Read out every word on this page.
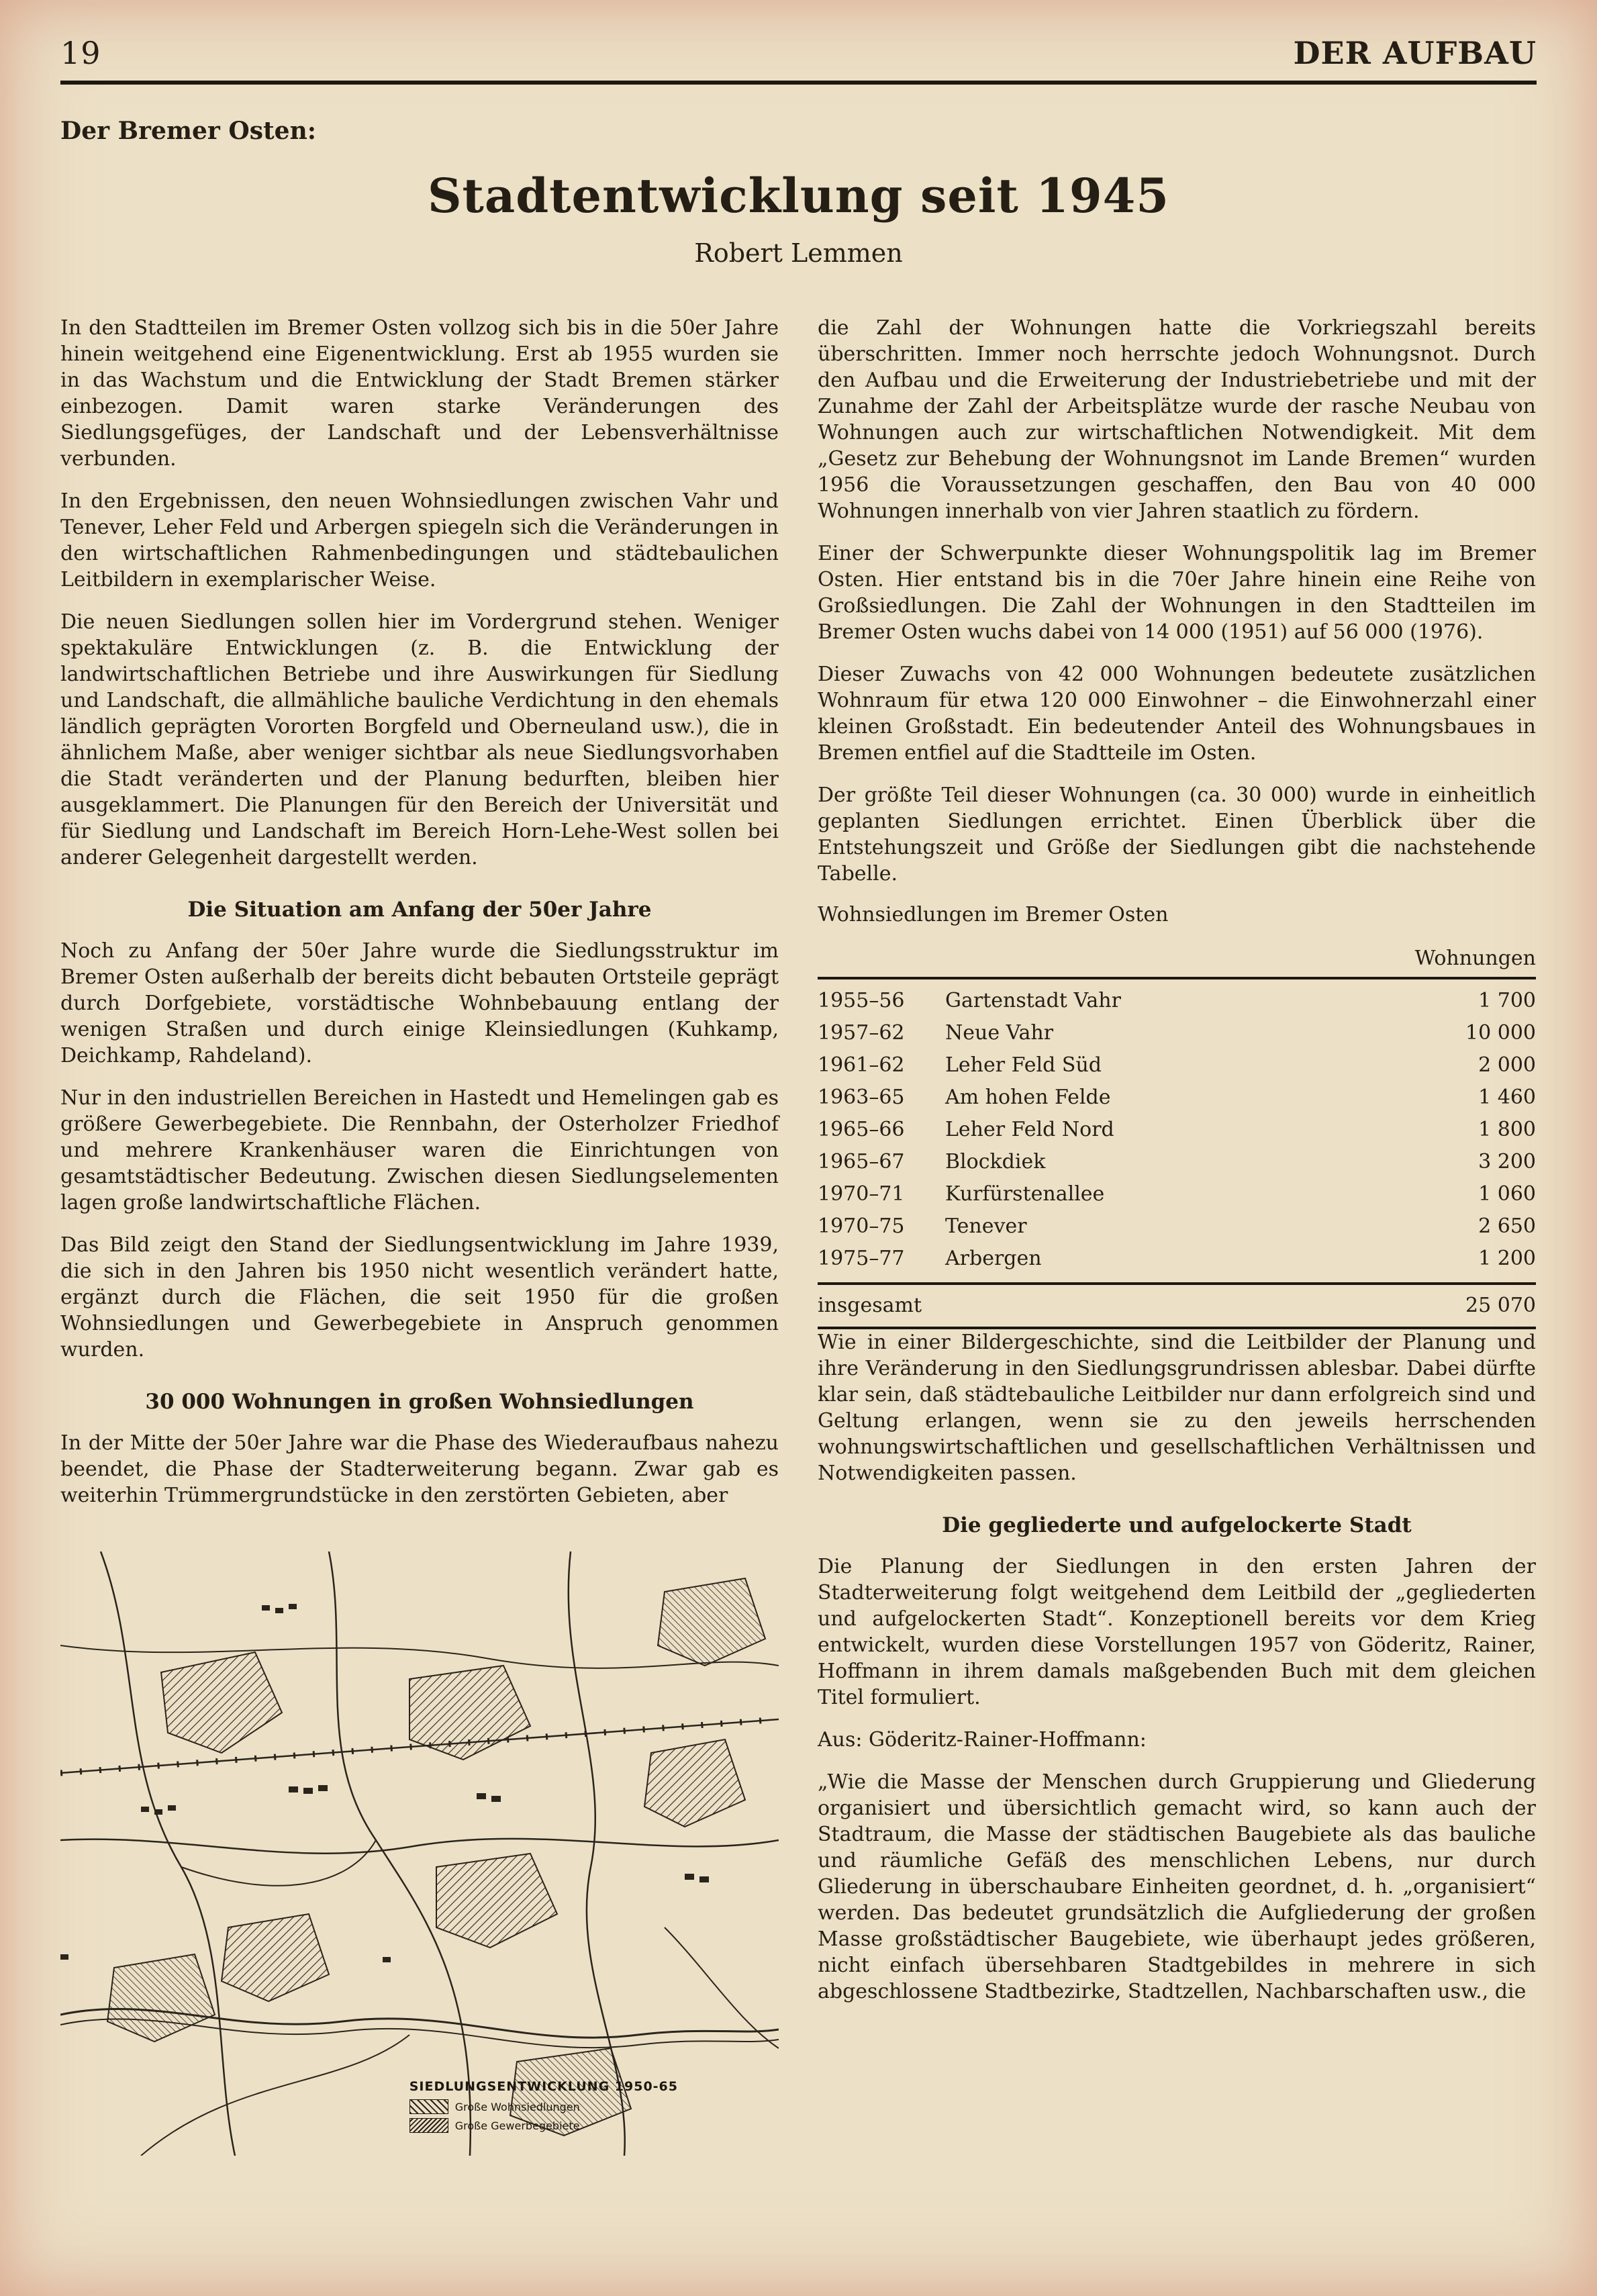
19	DER AUFBAU
Der Bremer Osten:
Stadtentwicklung seit 1945
Robert Lemmen

In den Stadtteilen im Bremer Osten vollzog sich bis in die 50er Jahre hinein weitgehend eine Eigenentwicklung. Erst ab 1955 wurden sie in das Wachstum und die Entwicklung der Stadt Bremen stärker einbezogen. Damit waren starke Veränderungen des Siedlungsgefüges, der Landschaft und der Lebensverhältnisse verbunden.

In den Ergebnissen, den neuen Wohnsiedlungen zwischen Vahr und Tenever, Leher Feld und Arbergen spiegeln sich die Veränderungen in den wirtschaftlichen Rahmenbedingungen und städtebaulichen Leitbildern in exemplarischer Weise.

Die neuen Siedlungen sollen hier im Vordergrund stehen. Weniger spektakuläre Entwicklungen (z. B. die Entwicklung der landwirtschaftlichen Betriebe und ihre Auswirkungen für Siedlung und Landschaft, die allmähliche bauliche Verdichtung in den ehemals ländlich geprägten Vororten Borgfeld und Oberneuland usw.), die in ähnlichem Maße, aber weniger sichtbar als neue Siedlungsvorhaben die Stadt veränderten und der Planung bedurften, bleiben hier ausgeklammert. Die Planungen für den Bereich der Universität und für Siedlung und Landschaft im Bereich Horn-Lehe-West sollen bei anderer Gelegenheit dargestellt werden.

Die Situation am Anfang der 50er Jahre

Noch zu Anfang der 50er Jahre wurde die Siedlungsstruktur im Bremer Osten außerhalb der bereits dicht bebauten Ortsteile geprägt durch Dorfgebiete, vorstädtische Wohnbebauung entlang der wenigen Straßen und durch einige Kleinsiedlungen (Kuhkamp, Deichkamp, Rahdeland).

Nur in den industriellen Bereichen in Hastedt und Hemelingen gab es größere Gewerbegebiete. Die Rennbahn, der Osterholzer Friedhof und mehrere Krankenhäuser waren die Einrichtungen von gesamtstädtischer Bedeutung. Zwischen diesen Siedlungselementen lagen große landwirtschaftliche Flächen.

Das Bild zeigt den Stand der Siedlungsentwicklung im Jahre 1939, die sich in den Jahren bis 1950 nicht wesentlich verändert hatte, ergänzt durch die Flächen, die seit 1950 für die großen Wohnsiedlungen und Gewerbegebiete in Anspruch genommen wurden.

30 000 Wohnungen in großen Wohnsiedlungen

In der Mitte der 50er Jahre war die Phase des Wiederaufbaus nahezu beendet, die Phase der Stadterweiterung begann. Zwar gab es weiterhin Trümmergrundstücke in den zerstörten Gebieten, aber

SIEDLUNGSENTWICKLUNG 1950-65
Große Wohnsiedlungen
Große Gewerbegebiete

die Zahl der Wohnungen hatte die Vorkriegszahl bereits überschritten. Immer noch herrschte jedoch Wohnungsnot. Durch den Aufbau und die Erweiterung der Industriebetriebe und mit der Zunahme der Zahl der Arbeitsplätze wurde der rasche Neubau von Wohnungen auch zur wirtschaftlichen Notwendigkeit. Mit dem „Gesetz zur Behebung der Wohnungsnot im Lande Bremen“ wurden 1956 die Voraussetzungen geschaffen, den Bau von 40 000 Wohnungen innerhalb von vier Jahren staatlich zu fördern.

Einer der Schwerpunkte dieser Wohnungspolitik lag im Bremer Osten. Hier entstand bis in die 70er Jahre hinein eine Reihe von Großsiedlungen. Die Zahl der Wohnungen in den Stadtteilen im Bremer Osten wuchs dabei von 14 000 (1951) auf 56 000 (1976).

Dieser Zuwachs von 42 000 Wohnungen bedeutete zusätzlichen Wohnraum für etwa 120 000 Einwohner – die Einwohnerzahl einer kleinen Großstadt. Ein bedeutender Anteil des Wohnungsbaues in Bremen entfiel auf die Stadtteile im Osten.

Der größte Teil dieser Wohnungen (ca. 30 000) wurde in einheitlich geplanten Siedlungen errichtet. Einen Überblick über die Entstehungszeit und Größe der Siedlungen gibt die nachstehende Tabelle.

Wohnsiedlungen im Bremer Osten
Wohnungen
1955–56	Gartenstadt Vahr	1 700
1957–62	Neue Vahr	10 000
1961–62	Leher Feld Süd	2 000
1963–65	Am hohen Felde	1 460
1965–66	Leher Feld Nord	1 800
1965–67	Blockdiek	3 200
1970–71	Kurfürstenallee	1 060
1970–75	Tenever	2 650
1975–77	Arbergen	1 200
insgesamt		25 070

Wie in einer Bildergeschichte, sind die Leitbilder der Planung und ihre Veränderung in den Siedlungsgrundrissen ablesbar. Dabei dürfte klar sein, daß städtebauliche Leitbilder nur dann erfolgreich sind und Geltung erlangen, wenn sie zu den jeweils herrschenden wohnungswirtschaftlichen und gesellschaftlichen Verhältnissen und Notwendigkeiten passen.

Die gegliederte und aufgelockerte Stadt

Die Planung der Siedlungen in den ersten Jahren der Stadterweiterung folgt weitgehend dem Leitbild der „gegliederten und aufgelockerten Stadt“. Konzeptionell bereits vor dem Krieg entwickelt, wurden diese Vorstellungen 1957 von Göderitz, Rainer, Hoffmann in ihrem damals maßgebenden Buch mit dem gleichen Titel formuliert.

Aus: Göderitz-Rainer-Hoffmann:

„Wie die Masse der Menschen durch Gruppierung und Gliederung organisiert und übersichtlich gemacht wird, so kann auch der Stadtraum, die Masse der städtischen Baugebiete als das bauliche und räumliche Gefäß des menschlichen Lebens, nur durch Gliederung in überschaubare Einheiten geordnet, d. h. „organisiert“ werden. Das bedeutet grundsätzlich die Aufgliederung der großen Masse großstädtischer Baugebiete, wie überhaupt jedes größeren, nicht einfach übersehbaren Stadtgebildes in mehrere in sich abgeschlossene Stadtbezirke, Stadtzellen, Nachbarschaften usw., die
